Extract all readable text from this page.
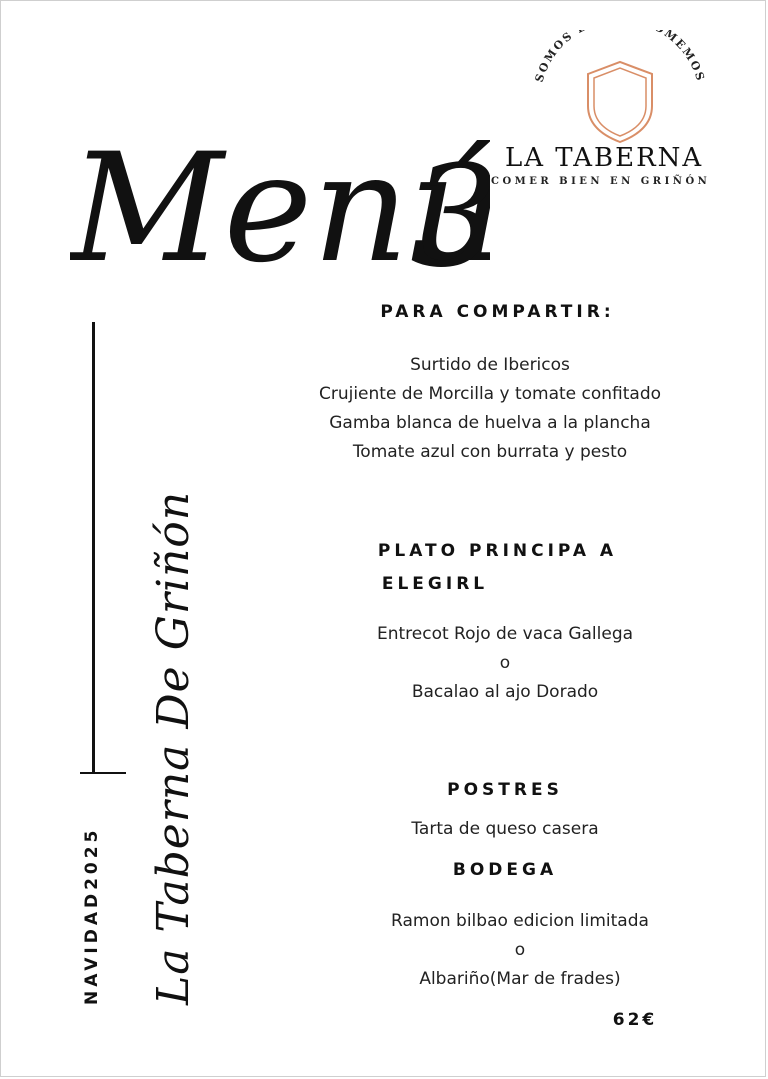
Menú
SOMOS MEMOS
LA TABERNA
COMER BIEN EN GRIÑÓN
PARA COMPARTIR:
Surtido de Ibericos
Crujiente de Morcilla y tomate confitado
Gamba blanca de huelva a la plancha
Tomate azul con burrata y pesto
PLATO PRINCIPA A
ELEGIRL
Entrecot Rojo de vaca Gallega
o
Bacalao al ajo Dorado
POSTRES
Tarta de queso casera
BODEGA
Ramon bilbao edicion limitada
o
Albariño(Mar de frades)
NAVIDAD2025 La Taberna De Griñón
62€
